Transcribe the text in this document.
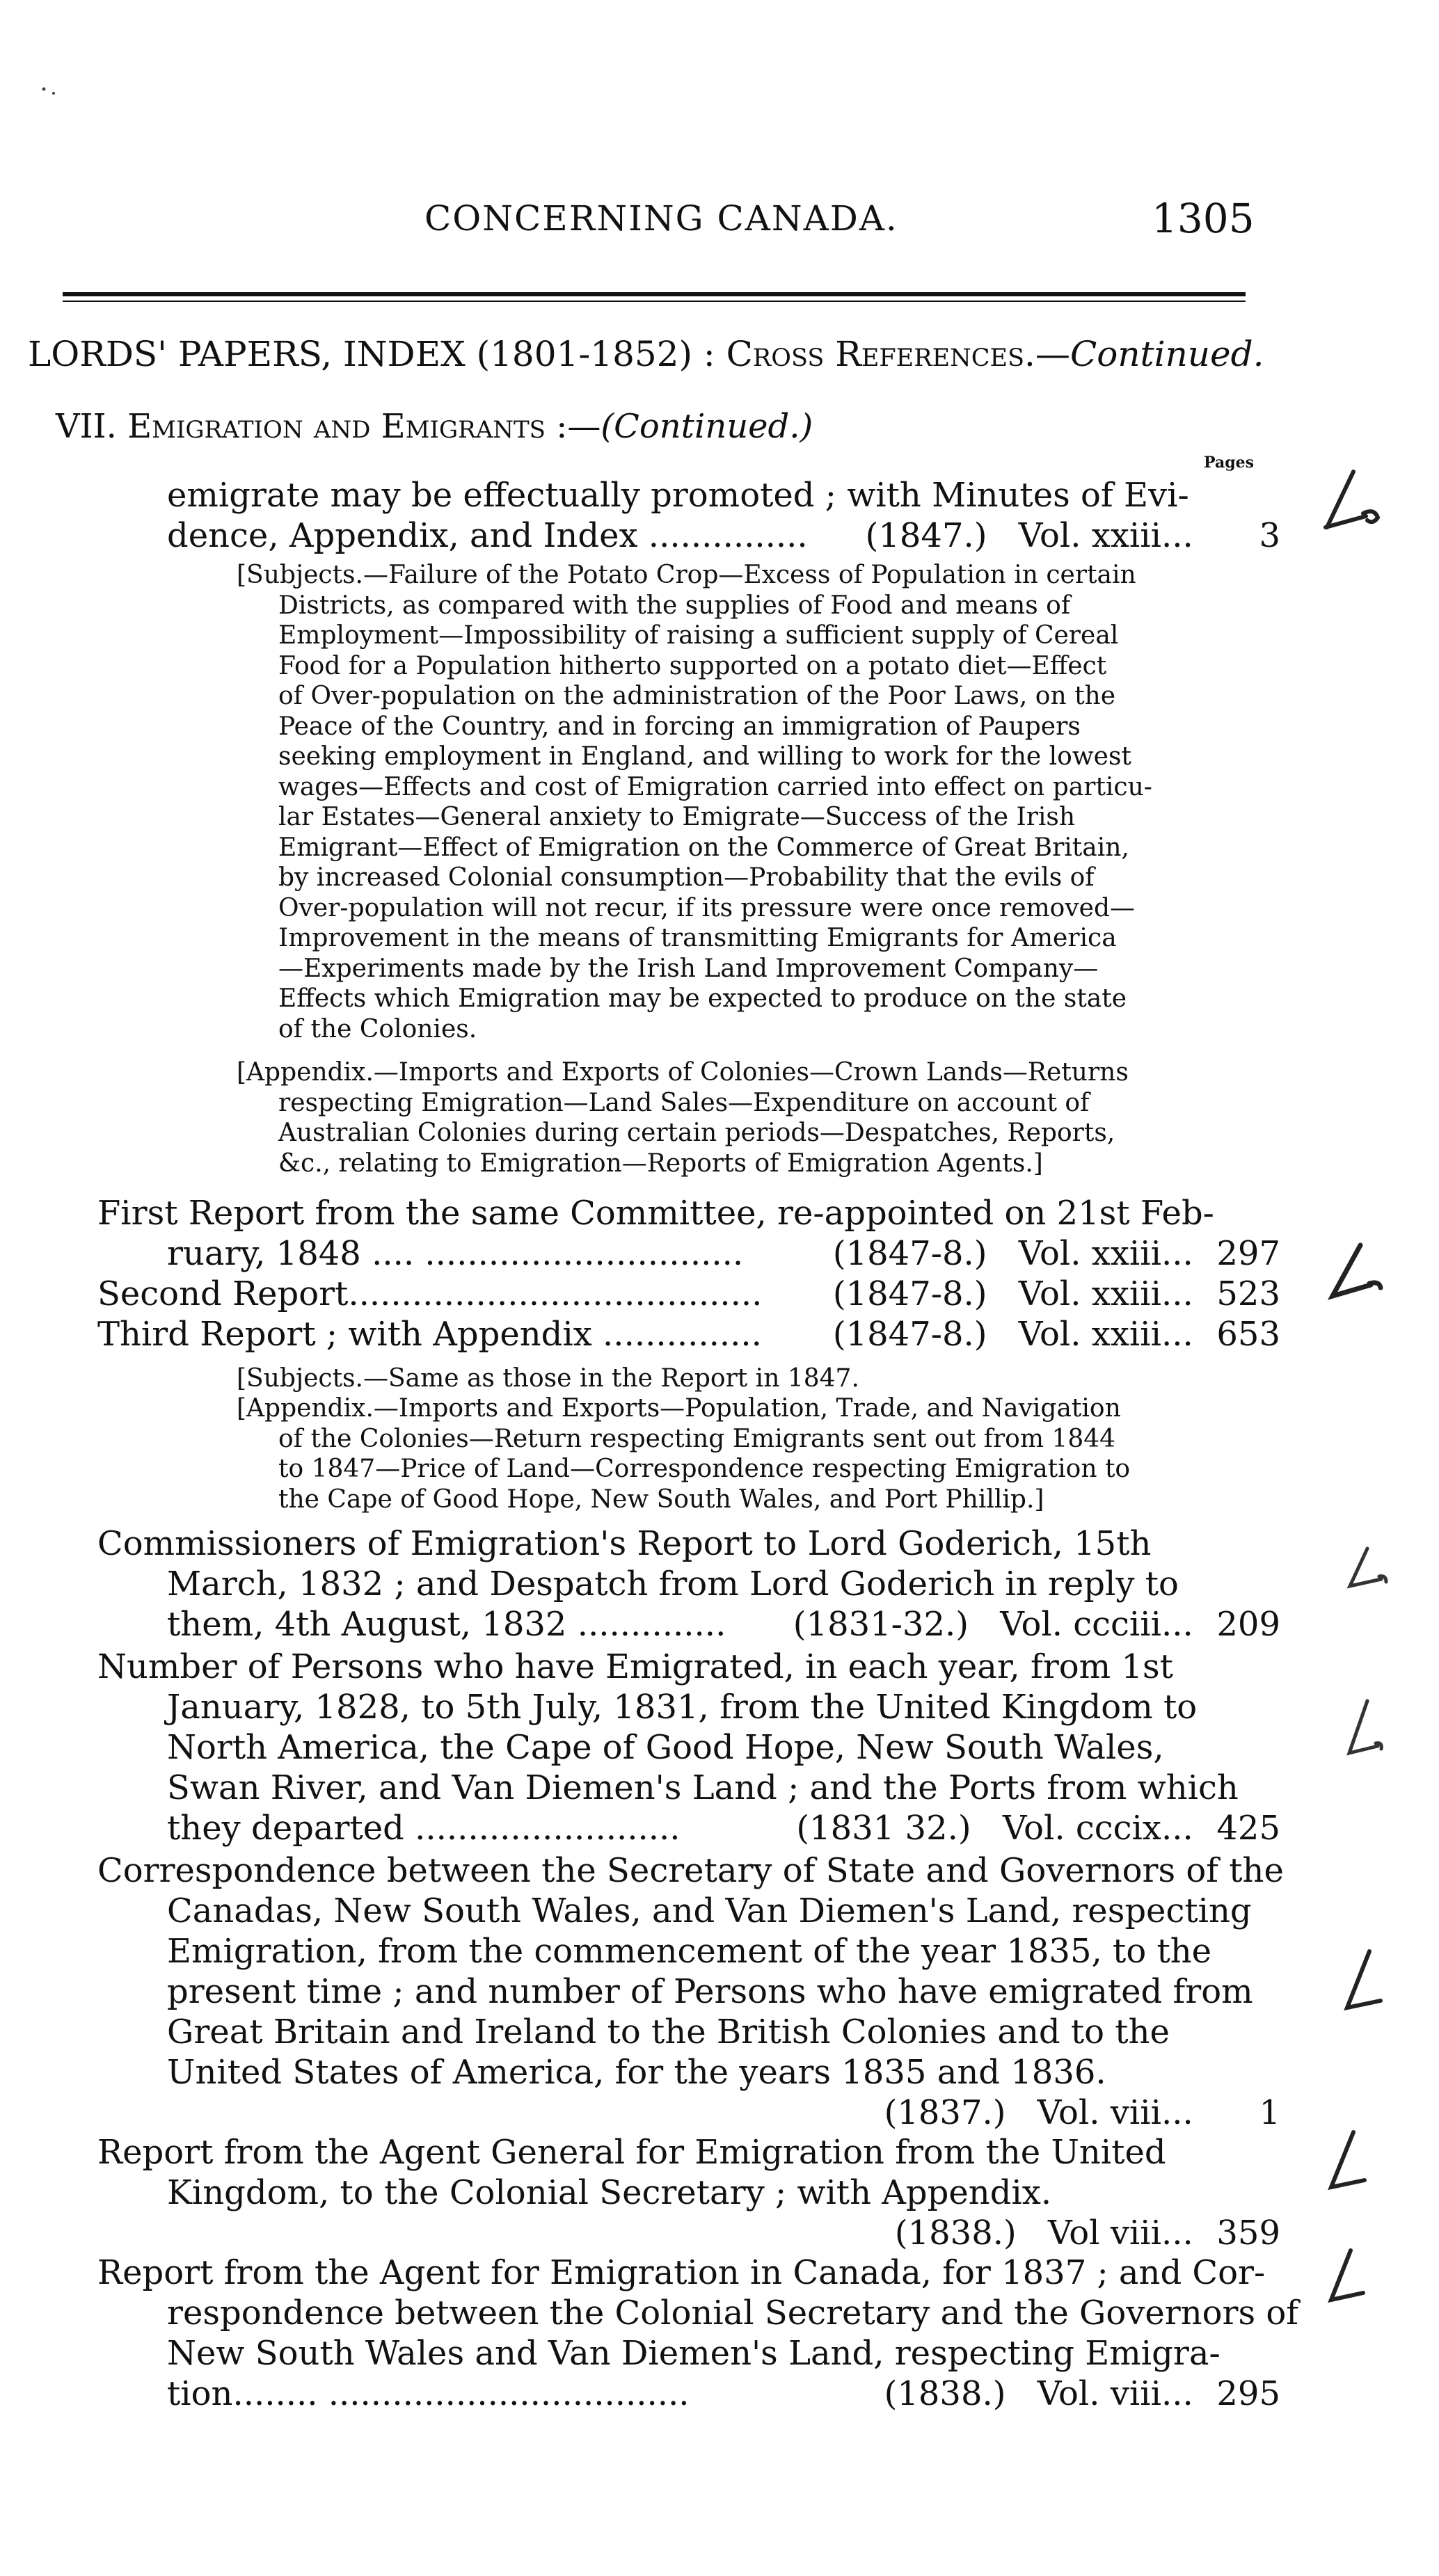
CONCERNING CANADA.	1305
LORDS' PAPERS, INDEX (1801-1852) : Cross References.—Continued.
VII. Emigration and Emigrants :—(Continued.)
Pages
emigrate may be effectually promoted ; with Minutes of Evi-
dence, Appendix, and Index ............... (1847.) Vol. xxiii... 3
[Subjects.—Failure of the Potato Crop—Excess of Population in certain
Districts, as compared with the supplies of Food and means of
Employment—Impossibility of raising a sufficient supply of Cereal
Food for a Population hitherto supported on a potato diet—Effect
of Over-population on the administration of the Poor Laws, on the
Peace of the Country, and in forcing an immigration of Paupers
seeking employment in England, and willing to work for the lowest
wages—Effects and cost of Emigration carried into effect on particu-
lar Estates—General anxiety to Emigrate—Success of the Irish
Emigrant—Effect of Emigration on the Commerce of Great Britain,
by increased Colonial consumption—Probability that the evils of
Over-population will not recur, if its pressure were once removed—
Improvement in the means of transmitting Emigrants for America
—Experiments made by the Irish Land Improvement Company—
Effects which Emigration may be expected to produce on the state
of the Colonies.
[Appendix.—Imports and Exports of Colonies—Crown Lands—Returns
respecting Emigration—Land Sales—Expenditure on account of
Australian Colonies during certain periods—Despatches, Reports,
&c., relating to Emigration—Reports of Emigration Agents.]
First Report from the same Committee, re-appointed on 21st Feb-
ruary, 1848 .... ..............................	(1847-8.) Vol. xxiii... 297
Second Report....................................... (1847-8.) Vol. xxiii... 523
Third Report ; with Appendix ............... (1847-8.) Vol. xxiii... 653
[Subjects.—Same as those in the Report in 1847.
[Appendix.—Imports and Exports—Population, Trade, and Navigation
of the Colonies—Return respecting Emigrants sent out from 1844
to 1847—Price of Land—Correspondence respecting Emigration to
the Cape of Good Hope, New South Wales, and Port Phillip.]
Commissioners of Emigration's Report to Lord Goderich, 15th
March, 1832 ; and Despatch from Lord Goderich in reply to
them, 4th August, 1832 .............. (1831-32.) Vol. ccciii... 209
Number of Persons who have Emigrated, in each year, from 1st
January, 1828, to 5th July, 1831, from the United Kingdom to
North America, the Cape of Good Hope, New South Wales,
Swan River, and Van Diemen's Land ; and the Ports from which
they departed .........................	(1831 32.) Vol. cccix... 425
Correspondence between the Secretary of State and Governors of the
Canadas, New South Wales, and Van Diemen's Land, respecting
Emigration, from the commencement of the year 1835, to the
present time ; and number of Persons who have emigrated from
Great Britain and Ireland to the British Colonies and to the
United States of America, for the years 1835 and 1836.
(1837.) Vol. viii... 1
Report from the Agent General for Emigration from the United
Kingdom, to the Colonial Secretary ; with Appendix.
(1838.) Vol viii... 359
Report from the Agent for Emigration in Canada, for 1837 ; and Cor-
respondence between the Colonial Secretary and the Governors of
New South Wales and Van Diemen's Land, respecting Emigra-
tion........ ..................................	(1838.) Vol. viii... 295
